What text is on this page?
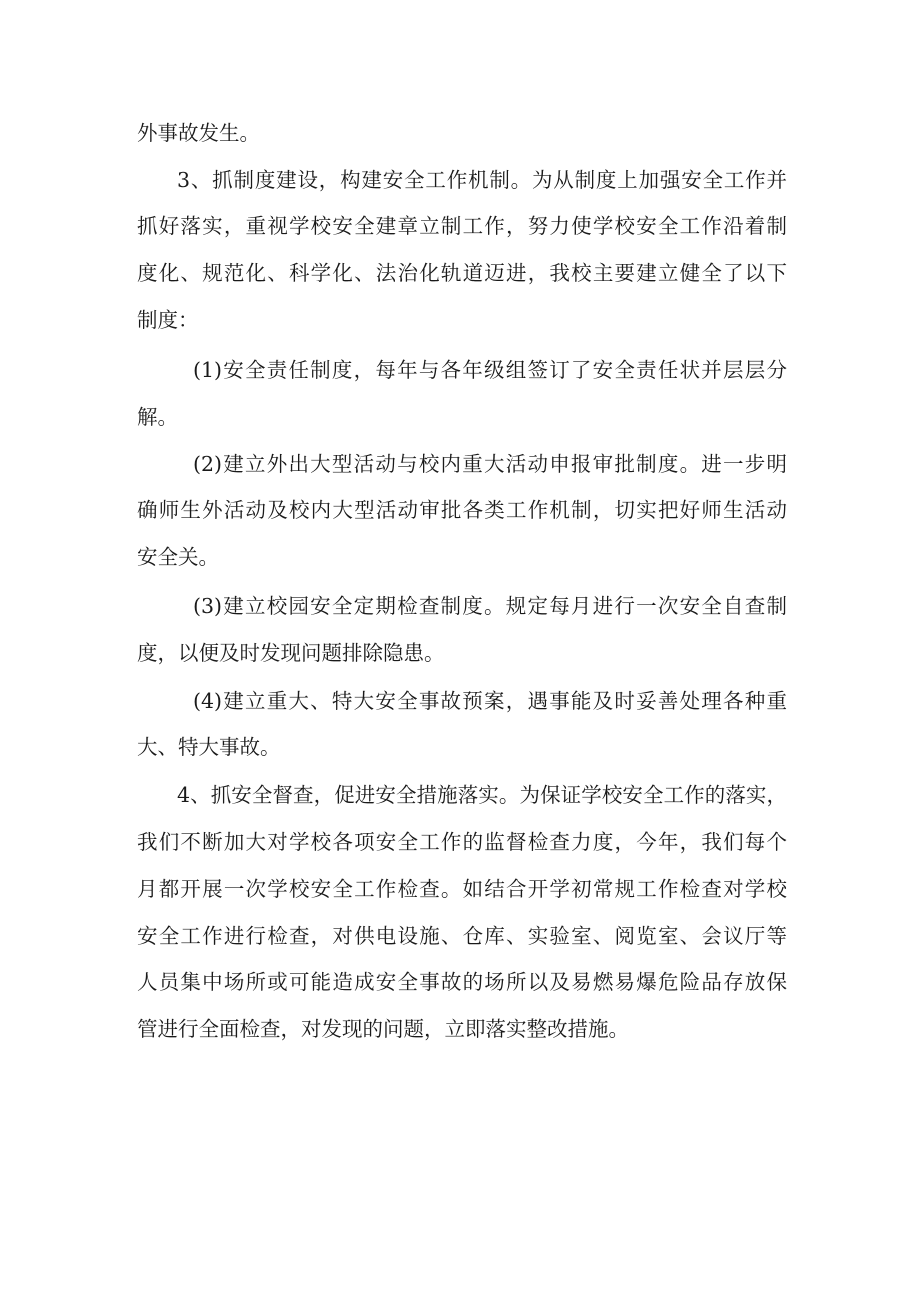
外事故发生。
3、抓制度建设，构建安全工作机制。为从制度上加强安全工作并
抓好落实，重视学校安全建章立制工作，努力使学校安全工作沿着制
度化、规范化、科学化、法治化轨道迈进，我校主要建立健全了以下
制度：
(1)安全责任制度，每年与各年级组签订了安全责任状并层层分
解。
(2)建立外出大型活动与校内重大活动申报审批制度。进一步明
确师生外活动及校内大型活动审批各类工作机制，切实把好师生活动
安全关。
(3)建立校园安全定期检查制度。规定每月进行一次安全自查制
度，以便及时发现问题排除隐患。
(4)建立重大、特大安全事故预案，遇事能及时妥善处理各种重
大、特大事故。
4、抓安全督查，促进安全措施落实。为保证学校安全工作的落实，
我们不断加大对学校各项安全工作的监督检查力度，今年，我们每个
月都开展一次学校安全工作检查。如结合开学初常规工作检查对学校
安全工作进行检查，对供电设施、仓库、实验室、阅览室、会议厅等
人员集中场所或可能造成安全事故的场所以及易燃易爆危险品存放保
管进行全面检查，对发现的问题，立即落实整改措施。
